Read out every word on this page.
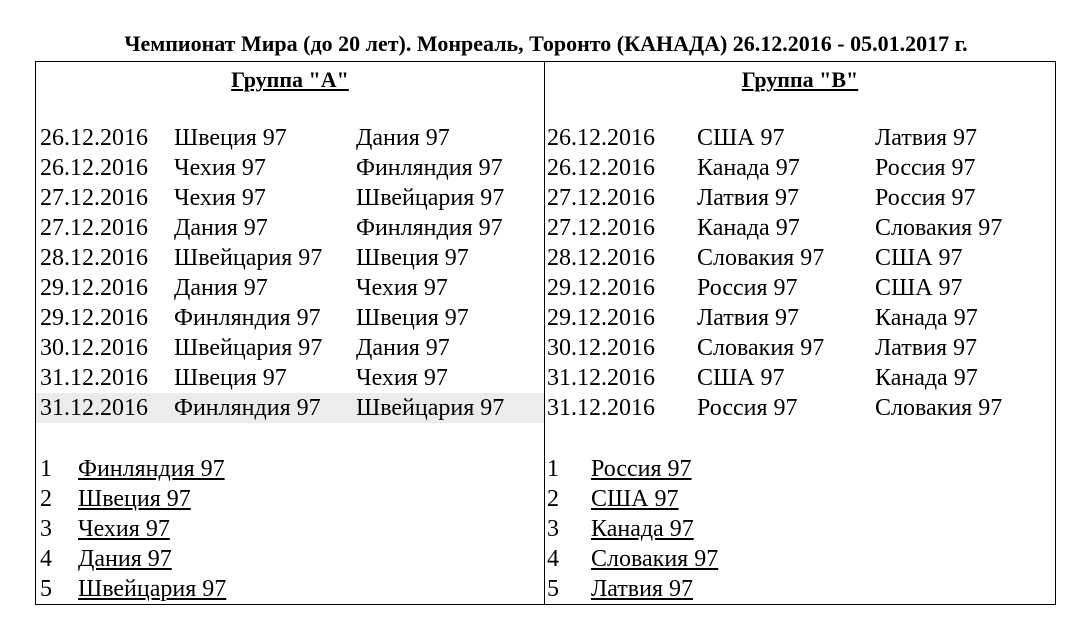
Чемпионат Мира (до 20 лет). Монреаль, Торонто (КАНАДА) 26.12.2016 - 05.01.2017 г.
Группа "А"
26.12.2016 Швеция 97	Дания 97
26.12.2016 Чехия 97	Финляндия 97
27.12.2016 Чехия 97	Швейцария 97
27.12.2016 Дания 97	Финляндия 97
28.12.2016 Швейцария 97 Швеция 97
29.12.2016 Дания 97	Чехия 97
29.12.2016 Финляндия 97 Швеция 97
30.12.2016 Швейцария 97 Дания 97
31.12.2016 Швеция 97	Чехия 97
31.12.2016 Финляндия 97 Швейцария 97
1 Финляндия 97
2 Швеция 97
3 Чехия 97
4 Дания 97
5 Швейцария 97
Группа "В"
26.12.2016 США 97	Латвия 97
26.12.2016 Канада 97	Россия 97
27.12.2016 Латвия 97	Россия 97
27.12.2016 Канада 97	Словакия 97
28.12.2016 Словакия 97 США 97
29.12.2016 Россия 97	США 97
29.12.2016 Латвия 97	Канада 97
30.12.2016 Словакия 97 Латвия 97
31.12.2016 США 97	Канада 97
31.12.2016 Россия 97	Словакия 97
1 Россия 97
2 США 97
3 Канада 97
4 Словакия 97
5 Латвия 97
